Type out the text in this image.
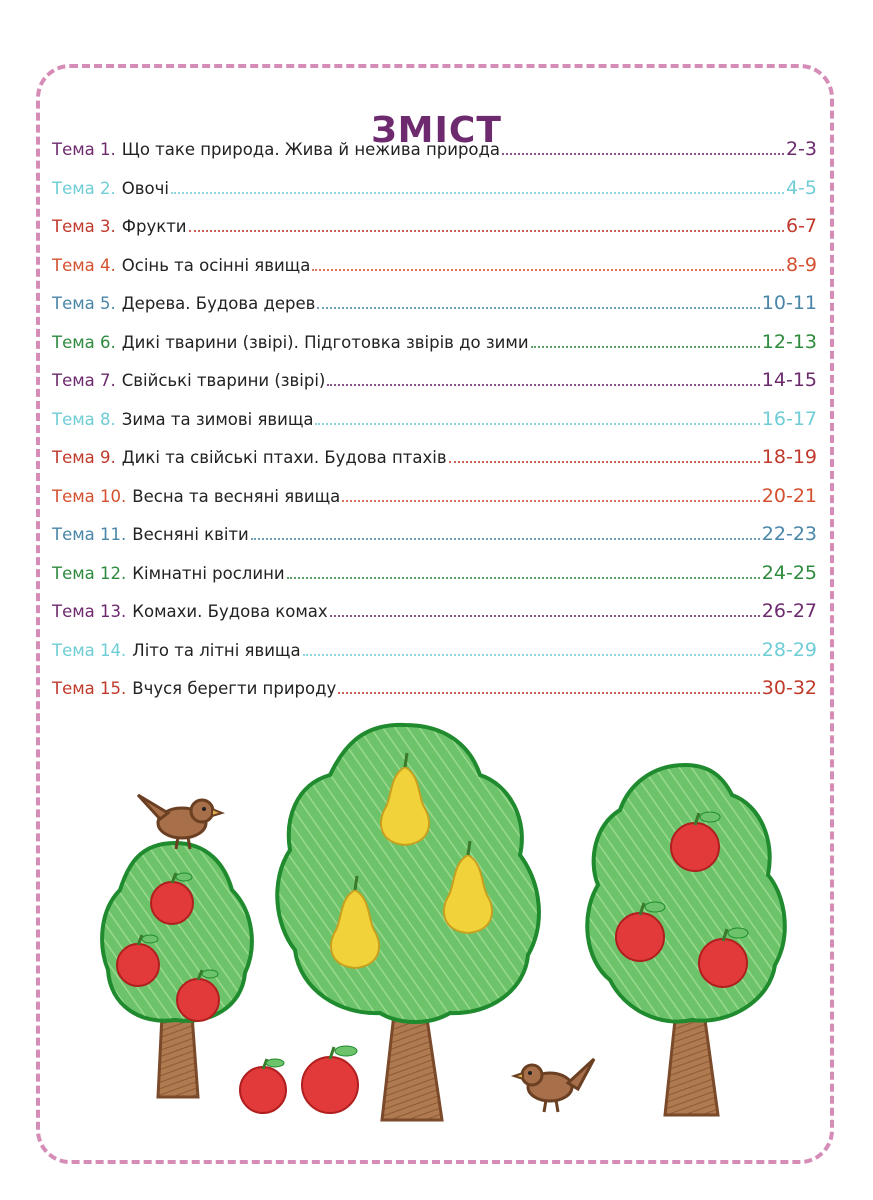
ЗМІСТ
Тема 1. Що таке природа. Жива й нежива природа	2-3
Тема 2. Овочі	4-5
Тема 3. Фрукти	6-7
Тема 4. Осінь та осінні явища	8-9
Тема 5. Дерева. Будова дерев	10-11
Тема 6. Дикі тварини (звірі). Підготовка звірів до зими	12-13
Тема 7. Свійські тварини (звірі)	14-15
Тема 8. Зима та зимові явища	16-17
Тема 9. Дикі та свійські птахи. Будова птахів	18-19
Тема 10. Весна та весняні явища	20-21
Тема 11. Весняні квіти	22-23
Тема 12. Кімнатні рослини	24-25
Тема 13. Комахи. Будова комах	26-27
Тема 14. Літо та літні явища	28-29
Тема 15. Вчуся берегти природу	30-32
